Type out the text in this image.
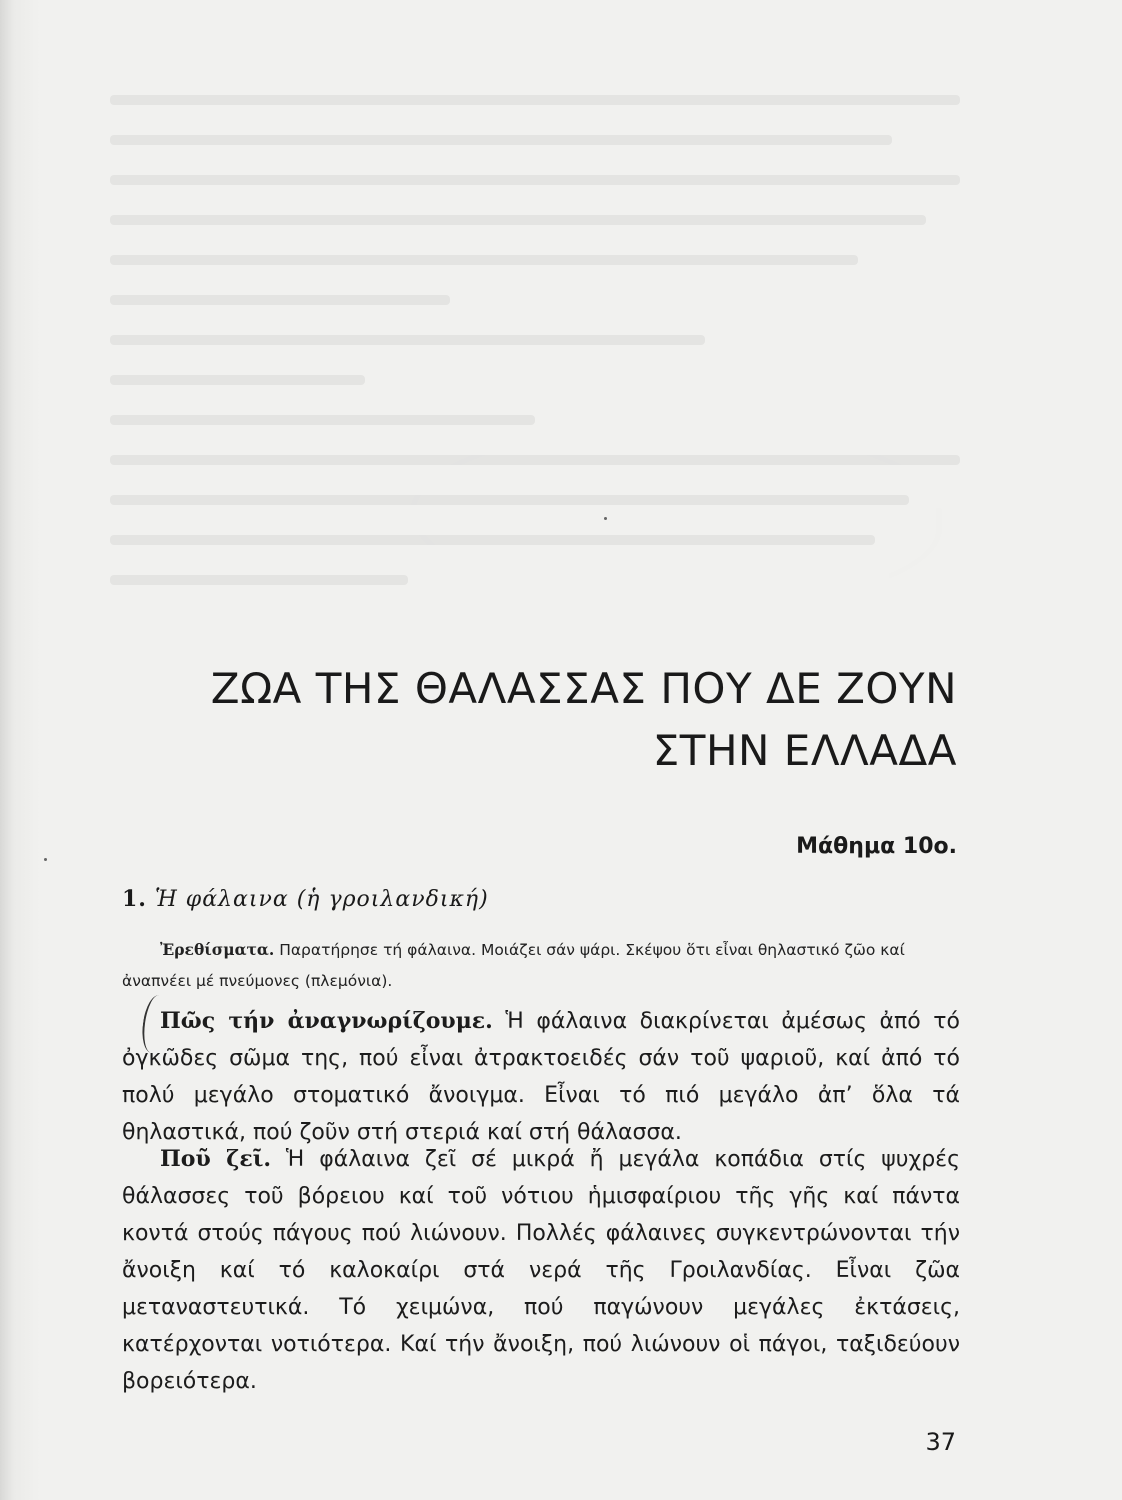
ΖΩΑ ΤΗΣ ΘΑΛΑΣΣΑΣ ΠΟΥ ΔΕ ΖΟΥΝ
ΣΤΗΝ ΕΛΛΑΔΑ
Μάθημα 10ο.
1. Ἡ φάλαινα (ἡ γροιλανδική)
Ἐρεθίσματα. Παρατήρησε τή φάλαινα. Μοιάζει σάν ψάρι. Σκέψου ὅτι εἶναι θηλαστικό ζῶο καί ἀναπνέει μέ πνεύμονες (πλεμόνια).

Πῶς τήν ἀναγνωρίζουμε. Ἡ φάλαινα διακρίνεται ἀμέσως ἀπό τό ὀγκῶδες σῶμα της, πού εἶναι ἀτρακτοειδές σάν τοῦ ψαριοῦ, καί ἀπό τό πολύ μεγάλο στοματικό ἄνοιγμα. Εἶναι τό πιό μεγάλο ἀπ’ ὅλα τά θηλαστικά, πού ζοῦν στή στεριά καί στή θάλασσα.

Ποῦ ζεῖ. Ἡ φάλαινα ζεῖ σέ μικρά ἤ μεγάλα κοπάδια στίς ψυχρές θάλασσες τοῦ βόρειου καί τοῦ νότιου ἡμισφαίριου τῆς γῆς καί πάντα κοντά στούς πάγους πού λιώνουν. Πολλές φάλαινες συγκεντρώνονται τήν ἄνοιξη καί τό καλοκαίρι στά νερά τῆς Γροιλανδίας. Εἶναι ζῶα μεταναστευτικά. Τό χειμώνα, πού παγώνουν μεγάλες ἐκτάσεις, κατέρχονται νοτιότερα. Καί τήν ἄνοιξη, πού λιώνουν οἱ πάγοι, ταξιδεύουν βορειότερα.

37
